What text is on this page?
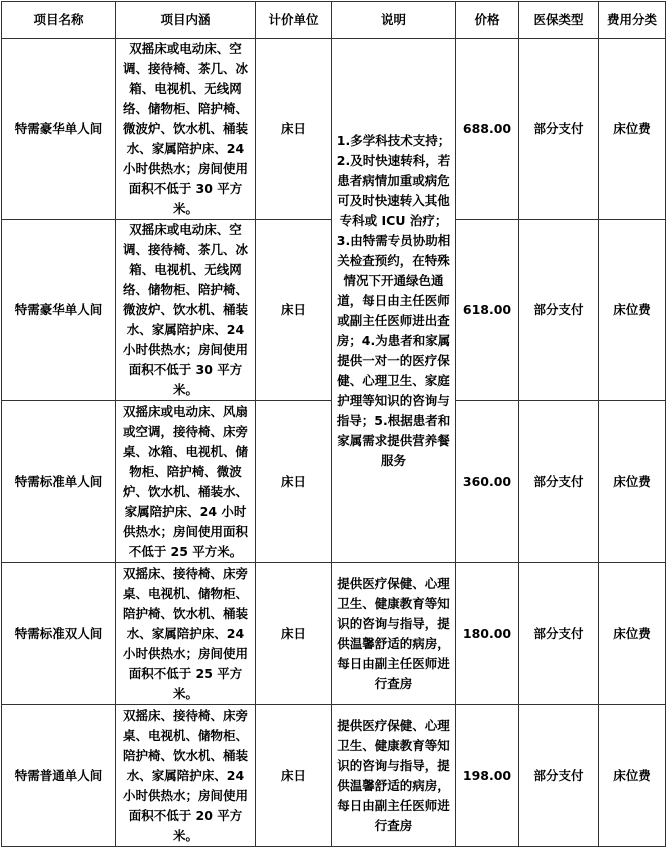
项目名称	项目内涵	计价单位	说明	价格	医保类型	费用分类
特需豪华单人间	双摇床或电动床、空调、接待椅、茶几、冰箱、电视机、无线网络、储物柜、陪护椅、微波炉、饮水机、桶装水、家属陪护床、24 小时供热水；房间使用面积不低于 30 平方米。	床日	1.多学科技术支持；2.及时快速转科，若患者病情加重或病危可及时快速转入其他专科或 ICU 治疗；3.由特需专员协助相关检查预约，在特殊情况下开通绿色通道，每日由主任医师或副主任医师进出查房；4.为患者和家属提供一对一的医疗保健、心理卫生、家庭护理等知识的咨询与指导；5.根据患者和家属需求提供营养餐服务	688.00	部分支付	床位费
特需豪华单人间	双摇床或电动床、空调、接待椅、茶几、冰箱、电视机、无线网络、储物柜、陪护椅、微波炉、饮水机、桶装水、家属陪护床、24 小时供热水；房间使用面积不低于 30 平方米。	床日		618.00	部分支付	床位费
特需标准单人间	双摇床或电动床、风扇或空调，接待椅、床旁桌、冰箱、电视机、储物柜、陪护椅、微波炉、饮水机、桶装水、家属陪护床、24 小时供热水；房间使用面积不低于 25 平方米。	床日		360.00	部分支付	床位费
特需标准双人间	双摇床、接待椅、床旁桌、电视机、储物柜、陪护椅、饮水机、桶装水、家属陪护床、24 小时供热水；房间使用面积不低于 25 平方米。	床日	提供医疗保健、心理卫生、健康教育等知识的咨询与指导，提供温馨舒适的病房，每日由副主任医师进行查房	180.00	部分支付	床位费
特需普通单人间	双摇床、接待椅、床旁桌、电视机、储物柜、陪护椅、饮水机、桶装水、家属陪护床、24 小时供热水；房间使用面积不低于 20 平方米。	床日	提供医疗保健、心理卫生、健康教育等知识的咨询与指导，提供温馨舒适的病房，每日由副主任医师进行查房	198.00	部分支付	床位费
